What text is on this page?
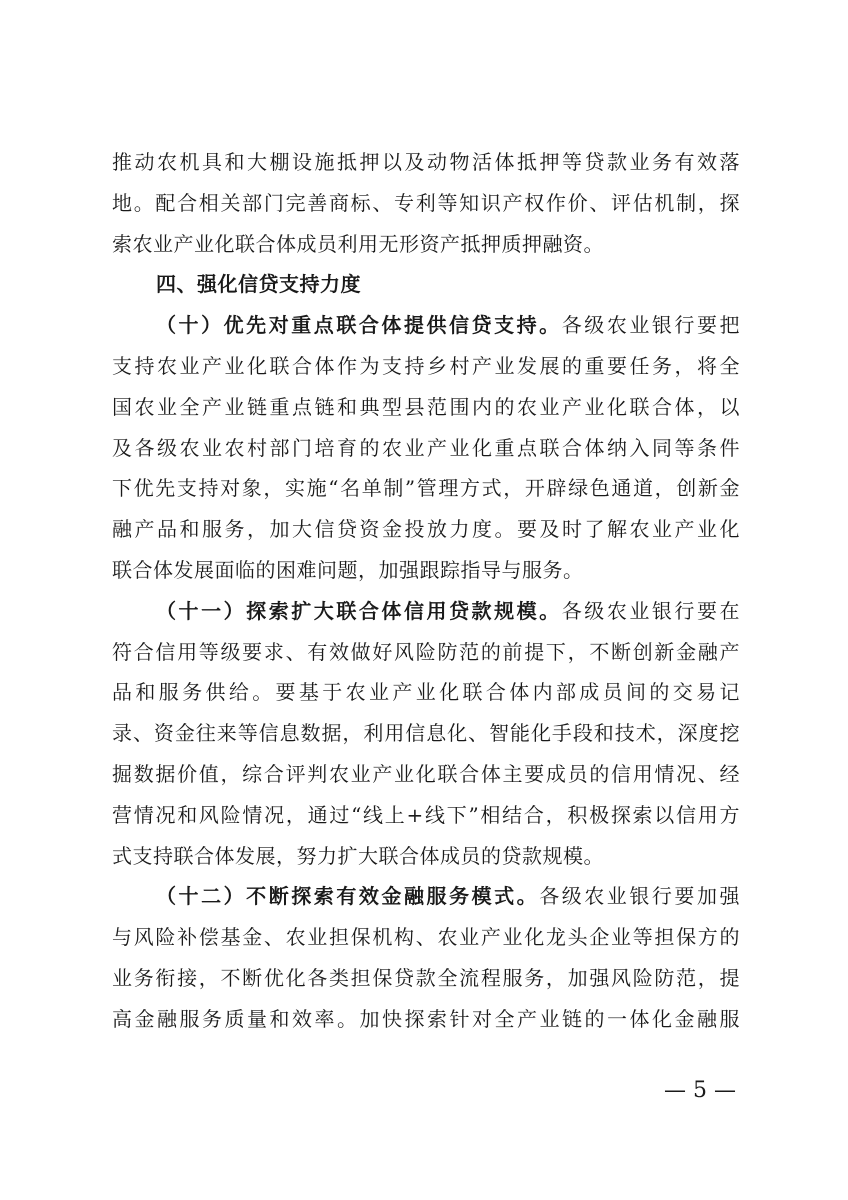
推动农机具和大棚设施抵押以及动物活体抵押等贷款业务有效落
地。配合相关部门完善商标、专利等知识产权作价、评估机制，探
索农业产业化联合体成员利用无形资产抵押质押融资。
四、强化信贷支持力度
（十）优先对重点联合体提供信贷支持。各级农业银行要把
支持农业产业化联合体作为支持乡村产业发展的重要任务，将全
国农业全产业链重点链和典型县范围内的农业产业化联合体，以
及各级农业农村部门培育的农业产业化重点联合体纳入同等条件
下优先支持对象，实施“名单制”管理方式，开辟绿色通道，创新金
融产品和服务，加大信贷资金投放力度。要及时了解农业产业化
联合体发展面临的困难问题，加强跟踪指导与服务。
（十一）探索扩大联合体信用贷款规模。各级农业银行要在
符合信用等级要求、有效做好风险防范的前提下，不断创新金融产
品和服务供给。要基于农业产业化联合体内部成员间的交易记
录、资金往来等信息数据，利用信息化、智能化手段和技术，深度挖
掘数据价值，综合评判农业产业化联合体主要成员的信用情况、经
营情况和风险情况，通过“线上+线下”相结合，积极探索以信用方
式支持联合体发展，努力扩大联合体成员的贷款规模。
（十二）不断探索有效金融服务模式。各级农业银行要加强
与风险补偿基金、农业担保机构、农业产业化龙头企业等担保方的
业务衔接，不断优化各类担保贷款全流程服务，加强风险防范，提
高金融服务质量和效率。加快探索针对全产业链的一体化金融服
— 5 —
